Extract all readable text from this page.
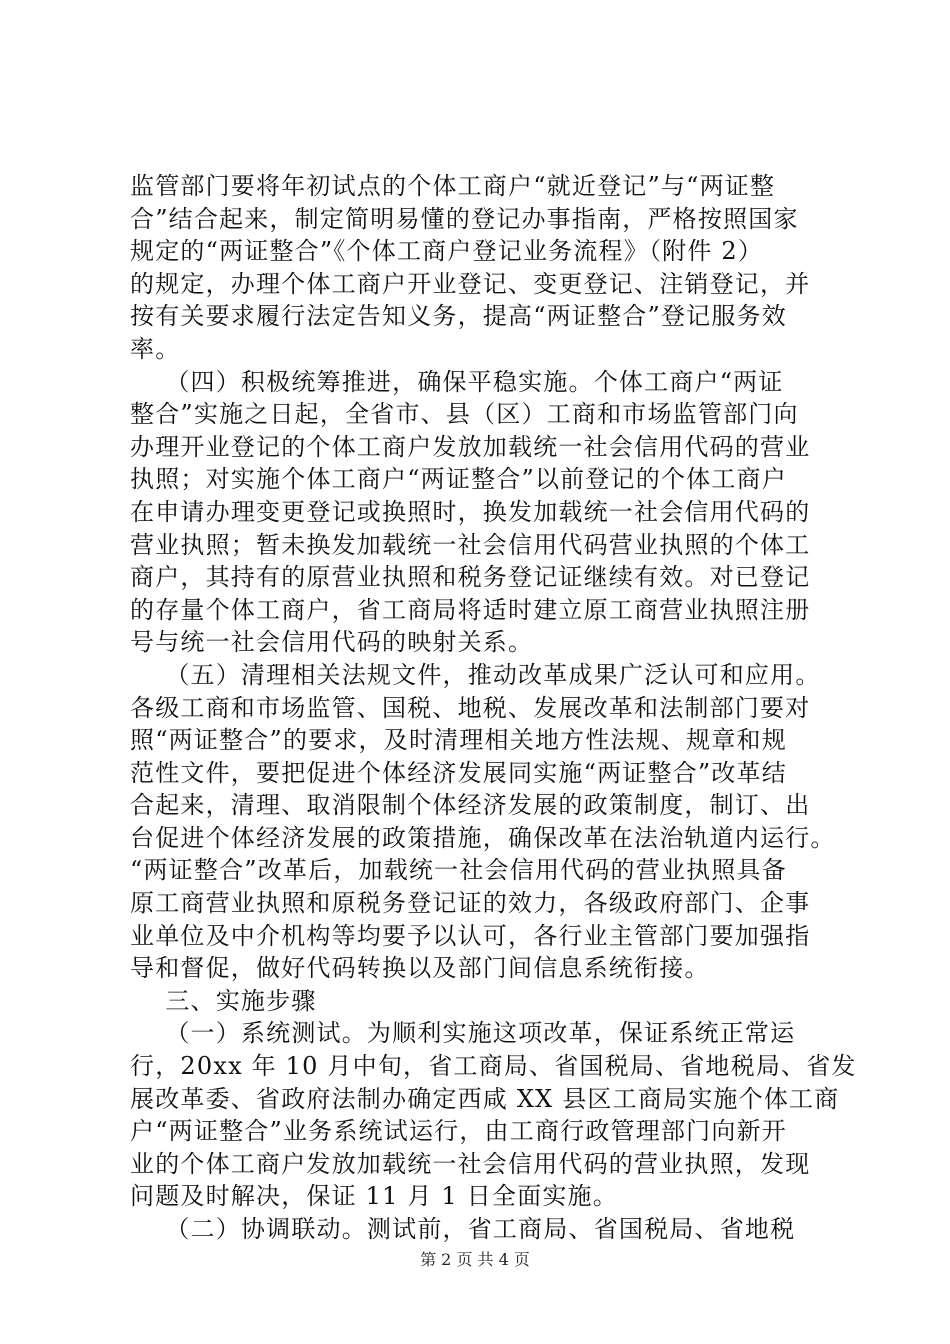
监管部门要将年初试点的个体工商户“就近登记”与“两证整
合”结合起来，制定简明易懂的登记办事指南，严格按照国家
规定的“两证整合”《个体工商户登记业务流程》（附件 2）
的规定，办理个体工商户开业登记、变更登记、注销登记，并
按有关要求履行法定告知义务，提高“两证整合”登记服务效
率。
（四）积极统筹推进，确保平稳实施。个体工商户“两证
整合”实施之日起，全省市、县（区）工商和市场监管部门向
办理开业登记的个体工商户发放加载统一社会信用代码的营业
执照；对实施个体工商户“两证整合”以前登记的个体工商户
在申请办理变更登记或换照时，换发加载统一社会信用代码的
营业执照；暂未换发加载统一社会信用代码营业执照的个体工
商户，其持有的原营业执照和税务登记证继续有效。对已登记
的存量个体工商户，省工商局将适时建立原工商营业执照注册
号与统一社会信用代码的映射关系。
（五）清理相关法规文件，推动改革成果广泛认可和应用。
各级工商和市场监管、国税、地税、发展改革和法制部门要对
照“两证整合”的要求，及时清理相关地方性法规、规章和规
范性文件，要把促进个体经济发展同实施“两证整合”改革结
合起来，清理、取消限制个体经济发展的政策制度，制订、出
台促进个体经济发展的政策措施，确保改革在法治轨道内运行。
“两证整合”改革后，加载统一社会信用代码的营业执照具备
原工商营业执照和原税务登记证的效力，各级政府部门、企事
业单位及中介机构等均要予以认可，各行业主管部门要加强指
导和督促，做好代码转换以及部门间信息系统衔接。
三、实施步骤
（一）系统测试。为顺利实施这项改革，保证系统正常运
行，20xx 年 10 月中旬，省工商局、省国税局、省地税局、省发
展改革委、省政府法制办确定西咸 XX 县区工商局实施个体工商
户“两证整合”业务系统试运行，由工商行政管理部门向新开
业的个体工商户发放加载统一社会信用代码的营业执照，发现
问题及时解决，保证 11 月 1 日全面实施。
（二）协调联动。测试前，省工商局、省国税局、省地税
第 2 页 共 4 页
